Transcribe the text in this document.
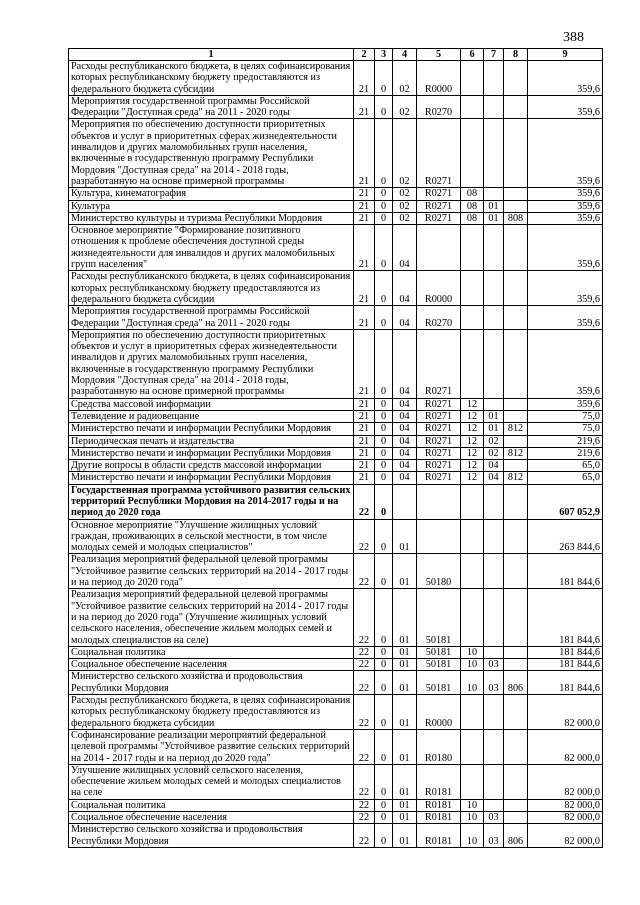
388
1	2	3	4	5	6	7	8	9
Расходы республиканского бюджета, в целях софинансирования которых республиканскому бюджету предоставляются из федерального бюджета субсидии	21	0	02	R0000				359,6
Мероприятия государственной программы Российской Федерации "Доступная среда" на 2011 - 2020 годы	21	0	02	R0270				359,6
Мероприятия по обеспечению доступности приоритетных объектов и услуг в приоритетных сферах жизнедеятельности инвалидов и других маломобильных групп населения, включенные в государственную программу Республики Мордовия "Доступная среда" на 2014 - 2018 годы, разработанную на основе примерной программы	21	0	02	R0271				359,6
Культура, кинематография	21	0	02	R0271	08			359,6
Культура	21	0	02	R0271	08	01		359,6
Министерство культуры и туризма Республики Мордовия	21	0	02	R0271	08	01	808	359,6
Основное мероприятие "Формирование позитивного отношения к проблеме обеспечения доступной среды жизнедеятельности для инвалидов и других маломобильных групп населения"	21	0	04					359,6
Расходы республиканского бюджета, в целях софинансирования которых республиканскому бюджету предоставляются из федерального бюджета субсидии	21	0	04	R0000				359,6
Мероприятия государственной программы Российской Федерации "Доступная среда" на 2011 - 2020 годы	21	0	04	R0270				359,6
Мероприятия по обеспечению доступности приоритетных объектов и услуг в приоритетных сферах жизнедеятельности инвалидов и других маломобильных групп населения, включенные в государственную программу Республики Мордовия "Доступная среда" на 2014 - 2018 годы, разработанную на основе примерной программы	21	0	04	R0271				359,6
Средства массовой информации	21	0	04	R0271	12			359,6
Телевидение и радиовещание	21	0	04	R0271	12	01		75,0
Министерство печати и информации Республики Мордовия	21	0	04	R0271	12	01	812	75,0
Периодическая печать и издательства	21	0	04	R0271	12	02		219,6
Министерство печати и информации Республики Мордовия	21	0	04	R0271	12	02	812	219,6
Другие вопросы в области средств массовой информации	21	0	04	R0271	12	04		65,0
Министерство печати и информации Республики Мордовия	21	0	04	R0271	12	04	812	65,0
Государственная программа устойчивого развития сельских территорий Республики Мордовия на 2014-2017 годы и на период до 2020 года	22	0						607 052,9
Основное мероприятие "Улучшение жилищных условий граждан, проживающих в сельской местности, в том числе молодых семей и молодых специалистов"	22	0	01					263 844,6
Реализация мероприятий федеральной целевой программы "Устойчивое развитие сельских территорий на 2014 - 2017 годы и на период до 2020 года"	22	0	01	50180				181 844,6
Реализация мероприятий федеральной целевой программы "Устойчивое развитие сельских территорий на 2014 - 2017 годы и на период до 2020 года" (Улучшение жилищных условий сельского населения, обеспечение жильем молодых семей и молодых специалистов на селе)	22	0	01	50181				181 844,6
Социальная политика	22	0	01	50181	10			181 844,6
Социальное обеспечение населения	22	0	01	50181	10	03		181 844,6
Министерство сельского хозяйства и продовольствия Республики Мордовия	22	0	01	50181	10	03	806	181 844,6
Расходы республиканского бюджета, в целях софинансирования которых республиканскому бюджету предоставляются из федерального бюджета субсидии	22	0	01	R0000				82 000,0
Софинансирование реализации мероприятий федеральной целевой программы "Устойчивое развитие сельских территорий на 2014 - 2017 годы и на период до 2020 года"	22	0	01	R0180				82 000,0
Улучшение жилищных условий сельского населения, обеспечение жильем молодых семей и молодых специалистов на селе	22	0	01	R0181				82 000,0
Социальная политика	22	0	01	R0181	10			82 000,0
Социальное обеспечение населения	22	0	01	R0181	10	03		82 000,0
Министерство сельского хозяйства и продовольствия Республики Мордовия	22	0	01	R0181	10	03	806	82 000,0
